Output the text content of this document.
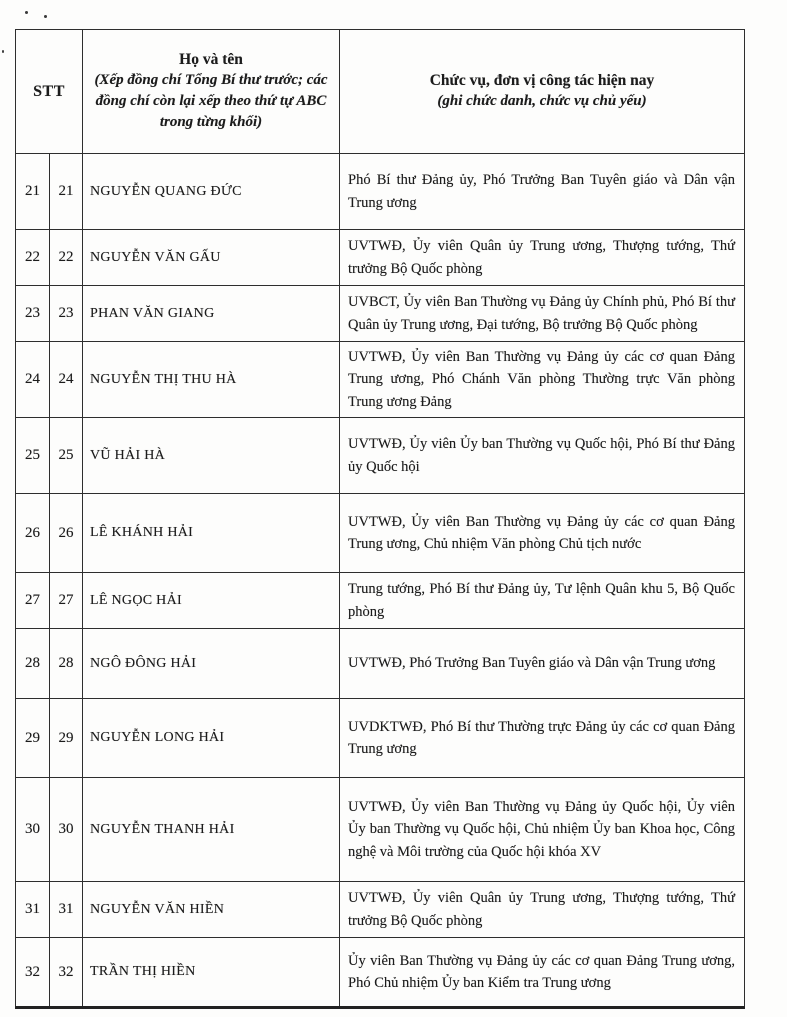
STT	
Họ và tên
(Xếp đồng chí Tổng Bí thư trước; các đồng chí còn lại xếp theo thứ tự ABC trong từng khối)

Chức vụ, đơn vị công tác hiện nay
(ghi chức danh, chức vụ chủ yếu)

21	21	NGUYỄN QUANG ĐỨC	Phó Bí thư Đảng ủy, Phó Trưởng Ban Tuyên giáo và Dân vận Trung ương
22	22	NGUYỄN VĂN GẤU	UVTWĐ, Ủy viên Quân ủy Trung ương, Thượng tướng, Thứ trưởng Bộ Quốc phòng
23	23	PHAN VĂN GIANG	UVBCT, Ủy viên Ban Thường vụ Đảng ủy Chính phủ, Phó Bí thư Quân ủy Trung ương, Đại tướng, Bộ trưởng Bộ Quốc phòng
24	24	NGUYỄN THỊ THU HÀ	UVTWĐ, Ủy viên Ban Thường vụ Đảng ủy các cơ quan Đảng Trung ương, Phó Chánh Văn phòng Thường trực Văn phòng Trung ương Đảng
25	25	VŨ HẢI HÀ	UVTWĐ, Ủy viên Ủy ban Thường vụ Quốc hội, Phó Bí thư Đảng ủy Quốc hội
26	26	LÊ KHÁNH HẢI	UVTWĐ, Ủy viên Ban Thường vụ Đảng ủy các cơ quan Đảng Trung ương, Chủ nhiệm Văn phòng Chủ tịch nước
27	27	LÊ NGỌC HẢI	Trung tướng, Phó Bí thư Đảng ủy, Tư lệnh Quân khu 5, Bộ Quốc phòng
28	28	NGÔ ĐÔNG HẢI	UVTWĐ, Phó Trưởng Ban Tuyên giáo và Dân vận Trung ương
29	29	NGUYỄN LONG HẢI	UVDKTWĐ, Phó Bí thư Thường trực Đảng ủy các cơ quan Đảng Trung ương
30	30	NGUYỄN THANH HẢI	UVTWĐ, Ủy viên Ban Thường vụ Đảng ủy Quốc hội, Ủy viên Ủy ban Thường vụ Quốc hội, Chủ nhiệm Ủy ban Khoa học, Công nghệ và Môi trường của Quốc hội khóa XV
31	31	NGUYỄN VĂN HIỀN	UVTWĐ, Ủy viên Quân ủy Trung ương, Thượng tướng, Thứ trưởng Bộ Quốc phòng
32	32	TRẦN THỊ HIỀN	Ủy viên Ban Thường vụ Đảng ủy các cơ quan Đảng Trung ương, Phó Chủ nhiệm Ủy ban Kiểm tra Trung ương
